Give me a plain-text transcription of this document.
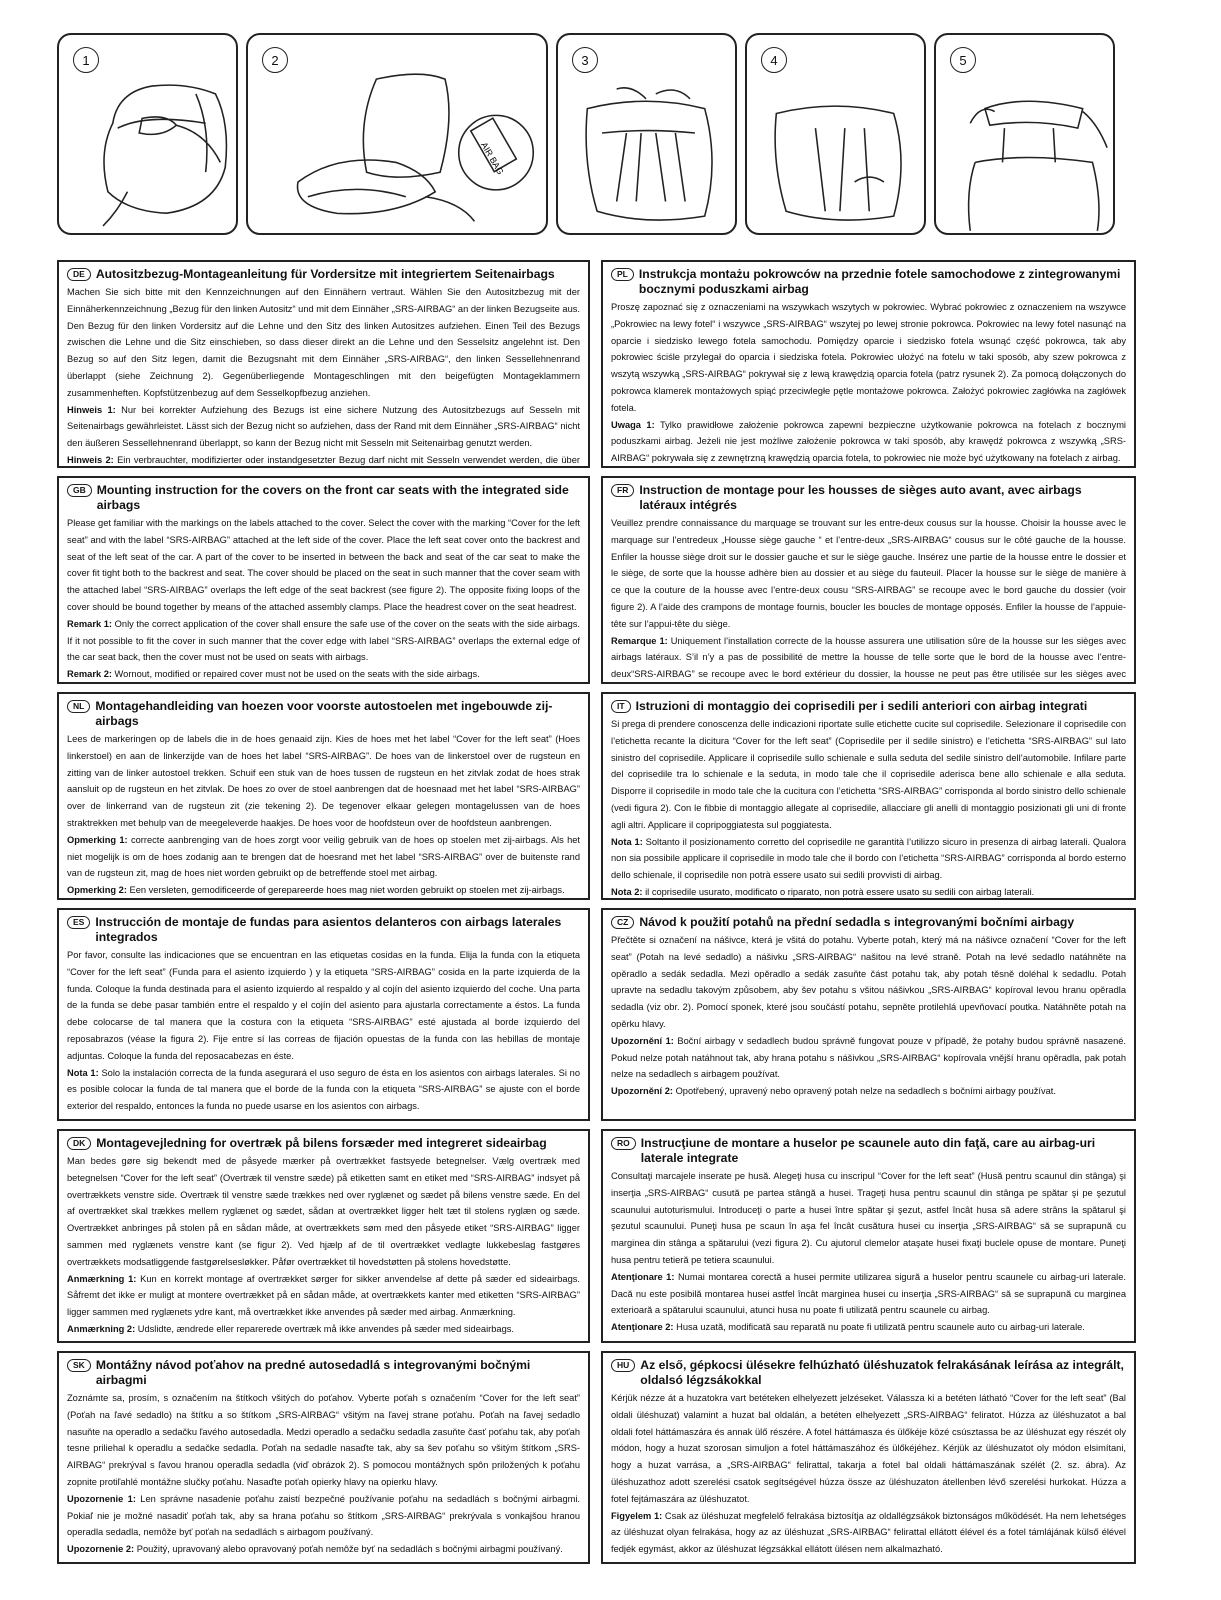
1
AIR BAG
2	3	4	5
DE Autositzbezug-Montageanleitung für Vordersitze mit integriertem Seitenairbags

Machen Sie sich bitte mit den Kennzeichnungen auf den Einnähern vertraut. Wählen Sie den Autositzbezug mit der Einnäherkennzeichnung „Bezug für den linken Autositz“ und mit dem Einnäher „SRS-AIRBAG“ an der linken Bezugseite aus. Den Bezug für den linken Vordersitz auf die Lehne und den Sitz des linken Autositzes aufziehen. Einen Teil des Bezugs zwischen die Lehne und die Sitz einschieben, so dass dieser direkt an die Lehne und den Sesselsitz angelehnt ist. Den Bezug so auf den Sitz legen, damit die Bezugsnaht mit dem Einnäher „SRS-AIRBAG“, den linken Sessellehnenrand überlappt (siehe Zeichnung 2). Gegenüberliegende Montageschlingen mit den beigefügten Montageklammern zusammenheften. Kopfstützenbezug auf dem Sesselkopfbezug anziehen.

Hinweis 1: Nur bei korrekter Aufziehung des Bezugs ist eine sichere Nutzung des Autositzbezugs auf Sesseln mit Seitenairbags gewährleistet. Lässt sich der Bezug nicht so aufziehen, dass der Rand mit dem Einnäher „SRS-AIRBAG“ nicht den äußeren Sessellehnenrand überlappt, so kann der Bezug nicht mit Sesseln mit Seitenairbag genutzt werden.

Hinweis 2: Ein verbrauchter, modifizierter oder instandgesetzter Bezug darf nicht mit Sesseln verwendet werden, die über

PL Instrukcja montażu pokrowców na przednie fotele samochodowe z zintegrowanymi bocznymi poduszkami airbag

Proszę zapoznać się z oznaczeniami na wszywkach wszytych w pokrowiec. Wybrać pokrowiec z oznaczeniem na wszywce „Pokrowiec na lewy fotel“ i wszywce „SRS-AIRBAG“ wszytej po lewej stronie pokrowca. Pokrowiec na lewy fotel nasunąć na oparcie i siedzisko lewego fotela samochodu. Pomiędzy oparcie i siedzisko fotela wsunąć część pokrowca, tak aby pokrowiec ściśle przylegał do oparcia i siedziska fotela. Pokrowiec ułożyć na fotelu w taki sposób, aby szew pokrowca z wszytą wszywką „SRS-AIRBAG“ pokrywał się z lewą krawędzią oparcia fotela (patrz rysunek 2). Za pomocą dołączonych do pokrowca klamerek montażowych spiąć przeciwległe pętle montażowe pokrowca. Założyć pokrowiec zagłówka na zagłówek fotela.

Uwaga 1: Tylko prawidłowe założenie pokrowca zapewni bezpieczne użytkowanie pokrowca na fotelach z bocznymi poduszkami airbag. Jeżeli nie jest możliwe założenie pokrowca w taki sposób, aby krawędź pokrowca z wszywką „SRS-AIRBAG“ pokrywała się z zewnętrzną krawędzią oparcia fotela, to pokrowiec nie może być użytkowany na fotelach z airbag.

GB Mounting instruction for the covers on the front car seats with the integrated side airbags

Please get familiar with the markings on the labels attached to the cover. Select the cover with the marking “Cover for the left seat” and with the label “SRS-AIRBAG” attached at the left side of the cover. Place the left seat cover onto the backrest and seat of the left seat of the car. A part of the cover to be inserted in between the back and seat of the car seat to make the cover fit tight both to the backrest and seat. The cover should be placed on the seat in such manner that the cover seam with the attached label “SRS-AIRBAG” overlaps the left edge of the seat backrest (see figure 2). The opposite fixing loops of the cover should be bound together by means of the attached assembly clamps. Place the headrest cover on the seat headrest.

Remark 1: Only the correct application of the cover shall ensure the safe use of the cover on the seats with the side airbags. If it not possible to fit the cover in such manner that the cover edge with label “SRS-AIRBAG” overlaps the external edge of the car seat back, then the cover must not be used on seats with airbags.

Remark 2: Wornout, modified or repaired cover must not be used on the seats with the side airbags.

FR Instruction de montage pour les housses de sièges auto avant, avec airbags latéraux intégrés

Veuillez prendre connaissance du marquage se trouvant sur les entre-deux cousus sur la housse. Choisir la housse avec le marquage sur l’entredeux „Housse siège gauche “ et l’entre-deux „SRS-AIRBAG“ cousus sur le côté gauche de la housse. Enfiler la housse siège droit sur le dossier gauche et sur le siège gauche. Insérez une partie de la housse entre le dossier et le siège, de sorte que la housse adhère bien au dossier et au siège du fauteuil. Placer la housse sur le siège de manière à ce que la couture de la housse avec l’entre-deux cousu “SRS-AIRBAG” se recoupe avec le bord gauche du dossier (voir figure 2). A l’aide des crampons de montage fournis, boucler les boucles de montage opposés. Enfiler la housse de l’appuie-tête sur l’appui-tête du siège.

Remarque 1: Uniquement l’installation correcte de la housse assurera une utilisation sûre de la housse sur les sièges avec airbags latéraux. S’il n’y a pas de possibilité de mettre la housse de telle sorte que le bord de la housse avec l’entre-deux“SRS-AIRBAG” se recoupe avec le bord extérieur du dossier, la housse ne peut pas être utilisée sur les sièges avec

NL Montagehandleiding van hoezen voor voorste autostoelen met ingebouwde zij-airbags

Lees de markeringen op de labels die in de hoes genaaid zijn. Kies de hoes met het label “Cover for the left seat” (Hoes linkerstoel) en aan de linkerzijde van de hoes het label “SRS-AIRBAG”. De hoes van de linkerstoel over de rugsteun en zitting van de linker autostoel trekken. Schuif een stuk van de hoes tussen de rugsteun en het zitvlak zodat de hoes strak aansluit op de rugsteun en het zitvlak. De hoes zo over de stoel aanbrengen dat de hoesnaad met het label “SRS-AIRBAG” over de linkerrand van de rugsteun zit (zie tekening 2). De tegenover elkaar gelegen montagelussen van de hoes straktrekken met behulp van de meegeleverde haakjes. De hoes voor de hoofdsteun over de hoofdsteun aanbrengen.

Opmerking 1: correcte aanbrenging van de hoes zorgt voor veilig gebruik van de hoes op stoelen met zij-airbags. Als het niet mogelijk is om de hoes zodanig aan te brengen dat de hoesrand met het label “SRS-AIRBAG” over de buitenste rand van de rugsteun zit, mag de hoes niet worden gebruikt op de betreffende stoel met airbag.

Opmerking 2: Een versleten, gemodificeerde of gerepareerde hoes mag niet worden gebruikt op stoelen met zij-airbags.

IT Istruzioni di montaggio dei coprisedili per i sedili anteriori con airbag integrati

Si prega di prendere conoscenza delle indicazioni riportate sulle etichette cucite sul coprisedile. Selezionare il coprisedile con l’etichetta recante la dicitura “Cover for the left seat” (Coprisedile per il sedile sinistro) e l’etichetta “SRS-AIRBAG” sul lato sinistro del coprisedile. Applicare il coprisedile sullo schienale e sulla seduta del sedile sinistro dell’automobile. Infilare parte del coprisedile tra lo schienale e la seduta, in modo tale che il coprisedile aderisca bene allo schienale e alla seduta. Disporre il coprisedile in modo tale che la cucitura con l’etichetta “SRS-AIRBAG” corrisponda al bordo sinistro dello schienale (vedi figura 2). Con le fibbie di montaggio allegate al coprisedile, allacciare gli anelli di montaggio posizionati gli uni di fronte agli altri. Applicare il copripoggiatesta sul poggiatesta.

Nota 1: Soltanto il posizionamento corretto del coprisedile ne garantità l’utilizzo sicuro in presenza di airbag laterali. Qualora non sia possibile applicare il coprisedile in modo tale che il bordo con l’etichetta “SRS-AIRBAG” corrisponda al bordo esterno dello schienale, il coprisedile non potrà essere usato sui sedili provvisti di airbag.

Nota 2: il coprisedile usurato, modificato o riparato, non potrà essere usato su sedili con airbag laterali.

ES Instrucción de montaje de fundas para asientos delanteros con airbags laterales integrados

Por favor, consulte las indicaciones que se encuentran en las etiquetas cosidas en la funda. Elija la funda con la etiqueta “Cover for the left seat” (Funda para el asiento izquierdo ) y la etiqueta “SRS-AIRBAG” cosida en la parte izquierda de la funda. Coloque la funda destinada para el asiento izquierdo al respaldo y al cojín del asiento izquierdo del coche. Una parta de la funda se debe pasar también entre el respaldo y el cojín del asiento para ajustarla correctamente a éstos. La funda debe colocarse de tal manera que la costura con la etiqueta “SRS-AIRBAG” esté ajustada al borde izquierdo del reposabrazos (véase la figura 2). Fije entre sí las correas de fijación opuestas de la funda con las hebillas de montaje adjuntas. Coloque la funda del reposacabezas en éste.

Nota 1: Solo la instalación correcta de la funda asegurará el uso seguro de ésta en los asientos con airbags laterales. Si no es posible colocar la funda de tal manera que el borde de la funda con la etiqueta “SRS-AIRBAG” se ajuste con el borde exterior del respaldo, entonces la funda no puede usarse en los asientos con airbags.

CZ Návod k použití potahů na přední sedadla s integrovanými bočními airbagy

Přečtěte si označení na nášivce, která je všitá do potahu. Vyberte potah, který má na nášivce označení “Cover for the left seat” (Potah na levé sedadlo) a nášivku „SRS-AIRBAG“ našitou na levé straně. Potah na levé sedadlo natáhněte na opěradlo a sedák sedadla. Mezi opěradlo a sedák zasuňte část potahu tak, aby potah těsně doléhal k sedadlu. Potah upravte na sedadlu takovým způsobem, aby šev potahu s všitou nášivkou „SRS-AIRBAG“ kopíroval levou hranu opěradla sedadla (viz obr. 2). Pomocí sponek, které jsou součástí potahu, sepněte protilehlá upevňovací poutka. Natáhněte potah na opěrku hlavy.

Upozornění 1: Boční airbagy v sedadlech budou správně fungovat pouze v případě, že potahy budou správně nasazené. Pokud nelze potah natáhnout tak, aby hrana potahu s nášivkou „SRS-AIRBAG“ kopírovala vnější hranu opěradla, pak potah nelze na sedadlech s airbagem používat.

Upozornění 2: Opotřebený, upravený nebo opravený potah nelze na sedadlech s bočními airbagy používat.

DK Montagevejledning for overtræk på bilens forsæder med integreret sideairbag

Man bedes gøre sig bekendt med de påsyede mærker på overtrækket fastsyede betegnelser. Vælg overtræk med betegnelsen “Cover for the left seat” (Overtræk til venstre sæde) på etiketten samt en etiket med “SRS-AIRBAG” indsyet på overtrækkets venstre side. Overtræk til venstre sæde trækkes ned over ryglænet og sædet på bilens venstre sæde. En del af overtrækket skal trækkes mellem ryglænet og sædet, sådan at overtrækket ligger helt tæt til stolens ryglæn og sæde. Overtrækket anbringes på stolen på en sådan måde, at overtrækkets søm med den påsyede etiket “SRS-AIRBAG” ligger sammen med ryglænets venstre kant (se figur 2). Ved hjælp af de til overtrækket vedlagte lukkebeslag fastgøres overtrækkets modsatliggende fastgørelsesløkker. Påfør overtrækket til hovedstøtten på stolens hovedstøtte.

Anmærkning 1: Kun en korrekt montage af overtrækket sørger for sikker anvendelse af dette på sæder ed sideairbags. Såfremt det ikke er muligt at montere overtrækket på en sådan måde, at overtrækkets kanter med etiketten “SRS-AIRBAG” ligger sammen med ryglænets ydre kant, må overtrækket ikke anvendes på sæder med airbag. Anmærkning.

Anmærkning 2: Udslidte, ændrede eller reparerede overtræk må ikke anvendes på sæder med sideairbags.

RO Instrucţiune de montare a huselor pe scaunele auto din faţă, care au airbag-uri laterale integrate

Consultaţi marcajele inserate pe husă. Alegeţi husa cu inscripul “Cover for the left seat” (Husă pentru scaunul din stânga) şi inserţia „SRS-AIRBAG“ cusută pe partea stângă a husei. Trageţi husa pentru scaunul din stânga pe spătar şi pe şezutul scaunului autoturismului. Introduceţi o parte a husei între spătar şi şezut, astfel încât husa să adere strâns la spătarul şi şezutul scaunului. Puneţi husa pe scaun în aşa fel încât cusătura husei cu inserţia „SRS-AIRBAG“ să se suprapună cu marginea din stânga a spătarului (vezi figura 2). Cu ajutorul clemelor ataşate husei fixaţi buclele opuse de montare. Puneţi husa pentru tetieră pe tetiera scaunului.

Atenţionare 1: Numai montarea corectă a husei permite utilizarea sigură a huselor pentru scaunele cu airbag-uri laterale. Dacă nu este posibilă montarea husei astfel încât marginea husei cu inserţia „SRS-AIRBAG“ să se suprapună cu marginea exterioară a spătarului scaunului, atunci husa nu poate fi utilizată pentru scaunele cu airbag.

Atenţionare 2: Husa uzată, modificată sau reparată nu poate fi utilizată pentru scaunele auto cu airbag-uri laterale.

SK Montážny návod poťahov na predné autosedadlá s integrovanými bočnými airbagmi

Zoznámte sa, prosím, s označením na štítkoch všitých do poťahov. Vyberte poťah s označením “Cover for the left seat” (Poťah na ľavé sedadlo) na štítku a so štítkom „SRS-AIRBAG“ všitým na ľavej strane poťahu. Poťah na ľavej sedadlo nasuňte na operadlo a sedačku ľavého autosedadla. Medzi operadlo a sedačku sedadla zasuňte časť poťahu tak, aby poťah tesne priliehal k operadlu a sedačke sedadla. Poťah na sedadle nasaďte tak, aby sa šev poťahu so všitým štítkom „SRS-AIRBAG“ prekrýval s ľavou hranou operadla sedadla (viď obrázok 2). S pomocou montážnych spôn priložených k poťahu zopnite protiľahlé montážne slučky poťahu. Nasaďte poťah opierky hlavy na opierku hlavy.

Upozornenie 1: Len správne nasadenie poťahu zaistí bezpečné používanie poťahu na sedadlách s bočnými airbagmi. Pokiaľ nie je možné nasadiť poťah tak, aby sa hrana poťahu so štítkom „SRS-AIRBAG“ prekrývala s vonkajšou hranou operadla sedadla, nemôže byť poťah na sedadlách s airbagom používaný.

Upozornenie 2: Použitý, upravovaný alebo opravovaný poťah nemôže byť na sedadlách s bočnými airbagmi používaný.

HU Az első, gépkocsi ülésekre felhúzható üléshuzatok felrakásának leírása az integrált, oldalsó légzsákokkal

Kérjük nézze át a huzatokra vart betéteken elhelyezett jelzéseket. Válassza ki a betéten látható “Cover for the left seat” (Bal oldali üléshuzat) valamint a huzat bal oldalán, a betéten elhelyezett „SRS-AIRBAG“ feliratot. Húzza az üléshuzatot a bal oldali fotel háttámaszára és annak ülő részére. A fotel háttámasza és ülőkéje közé csúsztassa be az üléshuzat egy részét oly módon, hogy a huzat szorosan simuljon a fotel háttámaszához és ülőkéjéhez. Kérjük az üléshuzatot oly módon elsimítani, hogy a huzat varrása, a „SRS-AIRBAG“ felirattal, takarja a fotel bal oldali háttámaszának szélét (2. sz. ábra). Az üléshuzathoz adott szerelési csatok segítségével húzza össze az üléshuzaton átellenben lévő szerelési hurkokat. Húzza a fotel fejtámaszára az üléshuzatot.

Figyelem 1: Csak az üléshuzat megfelelő felrakása biztosítja az oldallégzsákok biztonságos működését. Ha nem lehetséges az üléshuzat olyan felrakása, hogy az az üléshuzat „SRS-AIRBAG“ felirattal ellátott élével és a fotel támlájának külső élével fedjék egymást, akkor az üléshuzat légzsákkal ellátott ülésen nem alkalmazható.
